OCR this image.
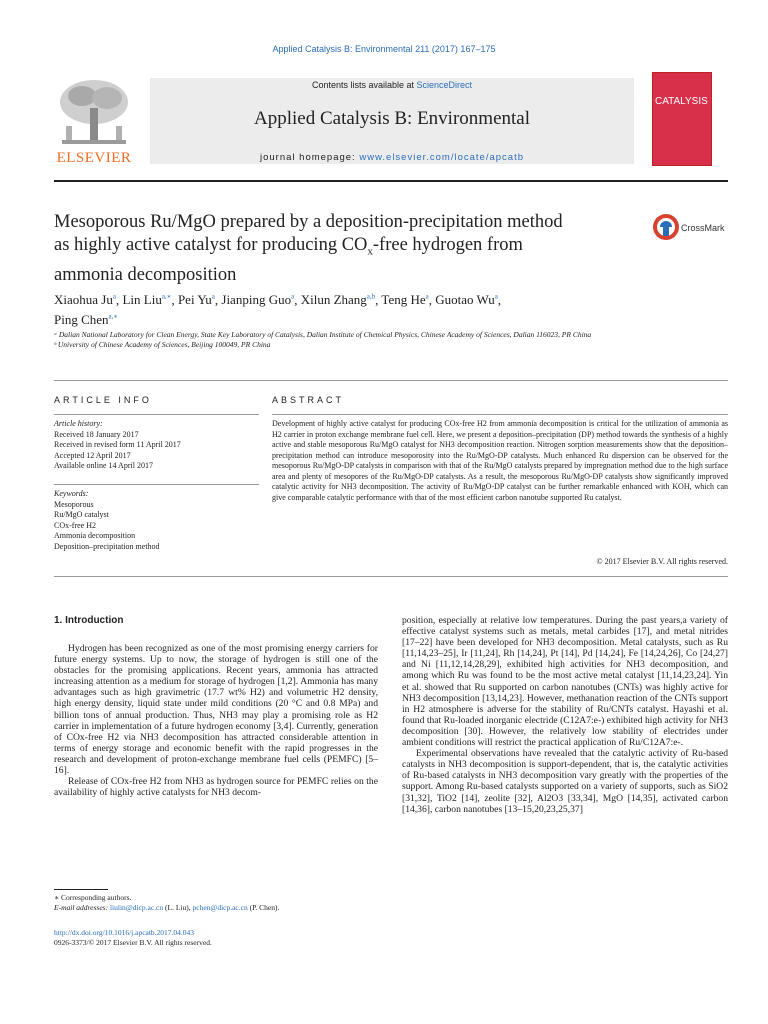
Applied Catalysis B: Environmental 211 (2017) 167–175
Contents lists available at ScienceDirect
Applied Catalysis B: Environmental
journal homepage: www.elsevier.com/locate/apcatb
ELSEVIER
CATALYSIS
Mesoporous Ru/MgO prepared by a deposition-precipitation method
as highly active catalyst for producing $CO_x$-free hydrogen from
ammonia decomposition
CrossMark
Xiaohua Ju$^a$, Lin Liu$^{a,∗}$, Pei Yu$^a$, Jianping Guo$^a$, Xilun Zhang$^{a,b}$, Teng He$^a$, Guotao Wu$^a$,
Ping Chen$^{a,∗}$
ᵃ Dalian National Laboratory for Clean Energy, State Key Laboratory of Catalysis, Dalian Institute of Chemical Physics, Chinese Academy of Sciences, Dalian 116023, PR China
ᵇ University of Chinese Academy of Sciences, Beijing 100049, PR China
ARTICLE INFO	ABSTRACT
Article history:
Received 18 January 2017
Received in revised form 11 April 2017
Accepted 12 April 2017
Available online 14 April 2017
Keywords:
Mesoporous
Ru/MgO catalyst
COx-free H2
Ammonia decomposition
Deposition–precipitation method
Development of highly active catalyst for producing COx-free H2 from ammonia decomposition is critical for the utilization of ammonia as H2 carrier in proton exchange membrane fuel cell. Here, we present a deposition–precipitation (DP) method towards the synthesis of a highly active and stable mesoporous Ru/MgO catalyst for NH3 decomposition reaction. Nitrogen sorption measurements show that the deposition–precipitation method can introduce mesoporosity into the Ru/MgO-DP catalysts. Much enhanced Ru dispersion can be observed for the mesoporous Ru/MgO-DP catalysts in comparison with that of the Ru/MgO catalysts prepared by impregnation method due to the high surface area and plenty of mesopores of the Ru/MgO-DP catalysts. As a result, the mesoporous Ru/MgO-DP catalysts show significantly improved catalytic activity for NH3 decomposition. The activity of Ru/MgO-DP catalyst can be further remarkable enhanced with KOH, which can give comparable catalytic performance with that of the most efficient carbon nanotube supported Ru catalyst.
© 2017 Elsevier B.V. All rights reserved.
1. Introduction

Hydrogen has been recognized as one of the most promising energy carriers for future energy systems. Up to now, the storage of hydrogen is still one of the obstacles for the promising applications. Recent years, ammonia has attracted increasing attention as a medium for storage of hydrogen [1,2]. Ammonia has many advantages such as high gravimetric (17.7 wt% H2) and volumetric H2 density, high energy density, liquid state under mild conditions (20 °C and 0.8 MPa) and billion tons of annual production. Thus, NH3 may play a promising role as H2 carrier in implementation of a future hydrogen economy [3,4]. Currently, generation of COx-free H2 via NH3 decomposition has attracted considerable attention in terms of energy storage and economic benefit with the rapid progresses in the research and development of proton-exchange membrane fuel cells (PEMFC) [5–16].

Release of COx-free H2 from NH3 as hydrogen source for PEMFC relies on the availability of highly active catalysts for NH3 decom-

position, especially at relative low temperatures. During the past years,a variety of effective catalyst systems such as metals, metal carbides [17], and metal nitrides [17–22] have been developed for NH3 decomposition. Metal catalysts, such as Ru [11,14,23–25], Ir [11,24], Rh [14,24], Pt [14], Pd [14,24], Fe [14,24,26], Co [24,27] and Ni [11,12,14,28,29], exhibited high activities for NH3 decomposition, and among which Ru was found to be the most active metal catalyst [11,14,23,24]. Yin et al. showed that Ru supported on carbon nanotubes (CNTs) was highly active for NH3 decomposition [13,14,23]. However, methanation reaction of the CNTs support in H2 atmosphere is adverse for the stability of Ru/CNTs catalyst. Hayashi et al. found that Ru-loaded inorganic electride (C12A7:e-) exhibited high activity for NH3 decomposition [30]. However, the relatively low stability of electrides under ambient conditions will restrict the practical application of Ru/C12A7:e-.

Experimental observations have revealed that the catalytic activity of Ru-based catalysts in NH3 decomposition is support-dependent, that is, the catalytic activities of Ru-based catalysts in NH3 decomposition vary greatly with the properties of the support. Among Ru-based catalysts supported on a variety of supports, such as SiO2 [31,32], TiO2 [14], zeolite [32], Al2O3 [33,34], MgO [14,35], activated carbon [14,36], carbon nanotubes [13–15,20,23,25,37]

∗ Corresponding authors.
E-mail addresses: liulin@dicp.ac.cn (L. Liu), pchen@dicp.ac.cn (P. Chen).
http://dx.doi.org/10.1016/j.apcatb.2017.04.043
0926-3373/© 2017 Elsevier B.V. All rights reserved.
